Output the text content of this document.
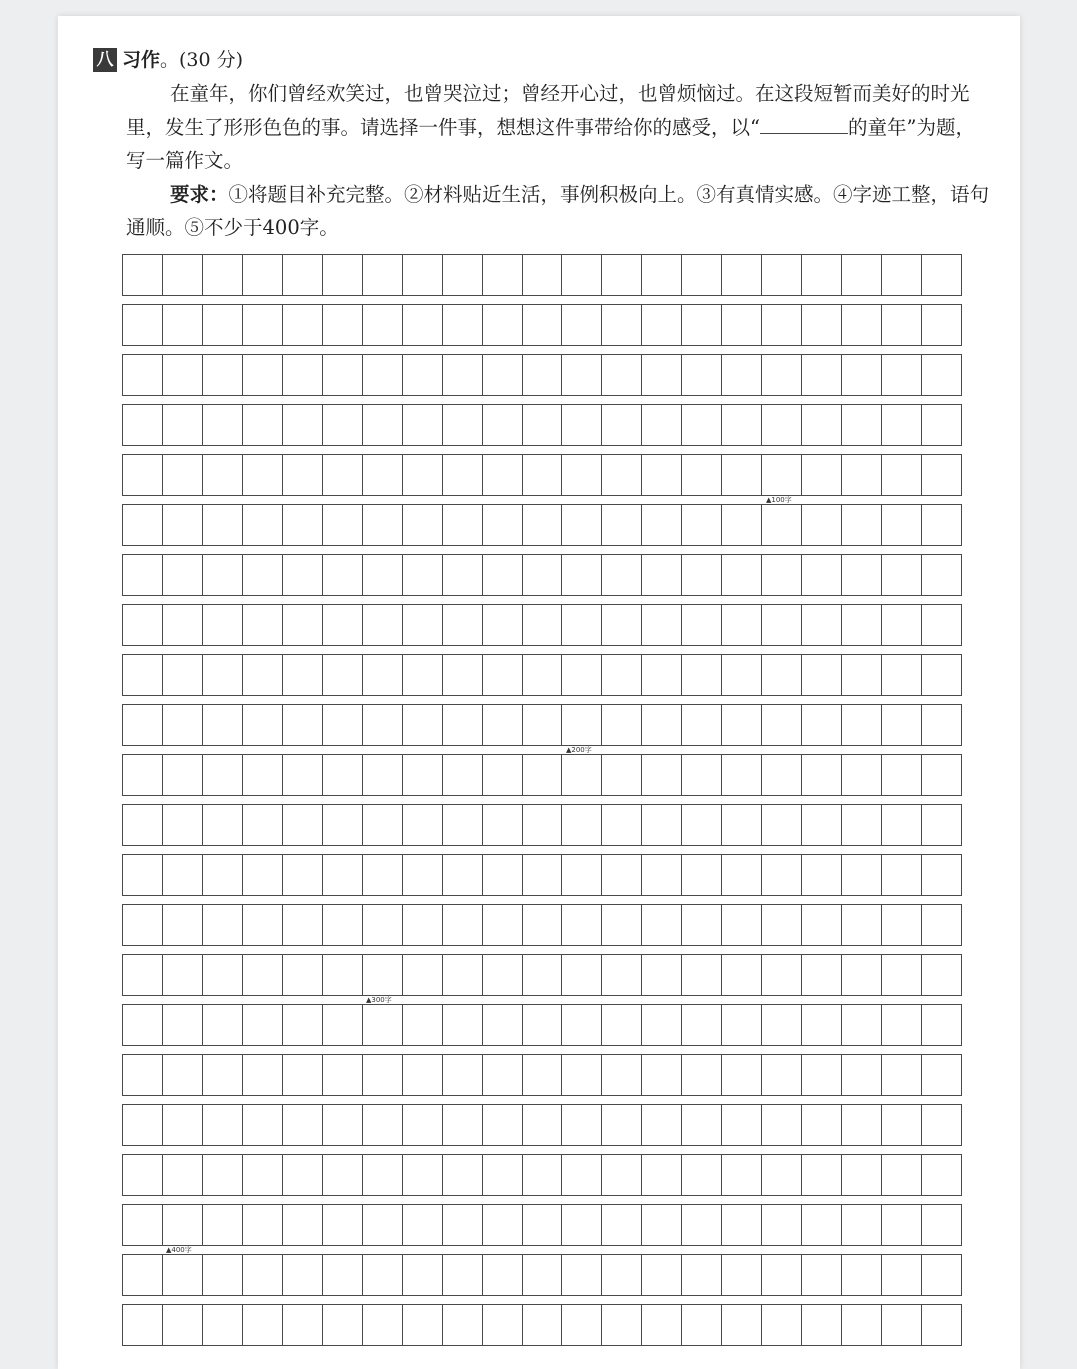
八 习作。(30 分)

在童年，你们曾经欢笑过，也曾哭泣过；曾经开心过，也曾烦恼过。在这段短暂而美好的时光里，发生了形形色色的事。请选择一件事，想想这件事带给你的感受，以“	的童年”为题，写一篇作文。

要求：①将题目补充完整。②材料贴近生活，事例积极向上。③有真情实感。④字迹工整，语句通顺。⑤不少于400字。

▲100字
▲200字
▲300字
▲400字
